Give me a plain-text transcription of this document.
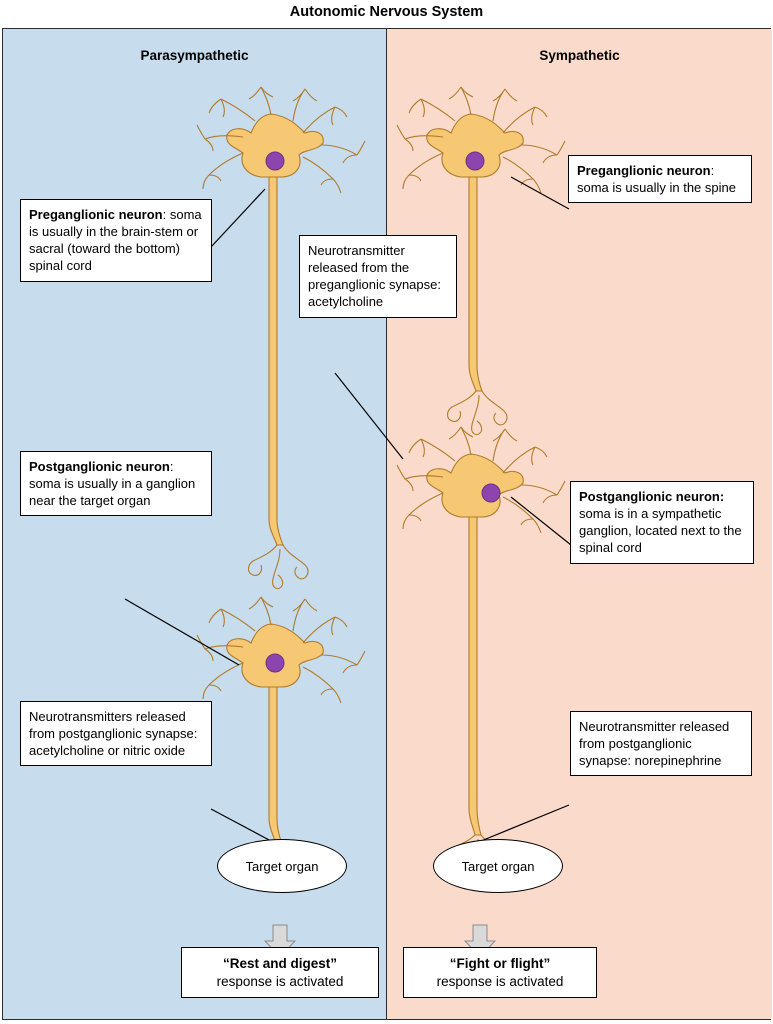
Autonomic Nervous System
Parasympathetic	Sympathetic
Preganglionic neuron: soma is usually in the brain-stem or sacral (toward the bottom) spinal cord
Neurotransmitter released from the preganglionic synapse: acetylcholine
Preganglionic neuron: soma is usually in the spine
Postganglionic neuron: soma is usually in a ganglion near the target organ	Postganglionic neuron: soma is in a sympathetic ganglion, located next to the spinal cord
Neurotransmitters released from postganglionic synapse: acetylcholine or nitric oxide
Neurotransmitter released from postganglionic synapse: norepinephrine
Target organ	Target organ
“Rest and digest”
response is activated
“Fight or flight”
response is activated
